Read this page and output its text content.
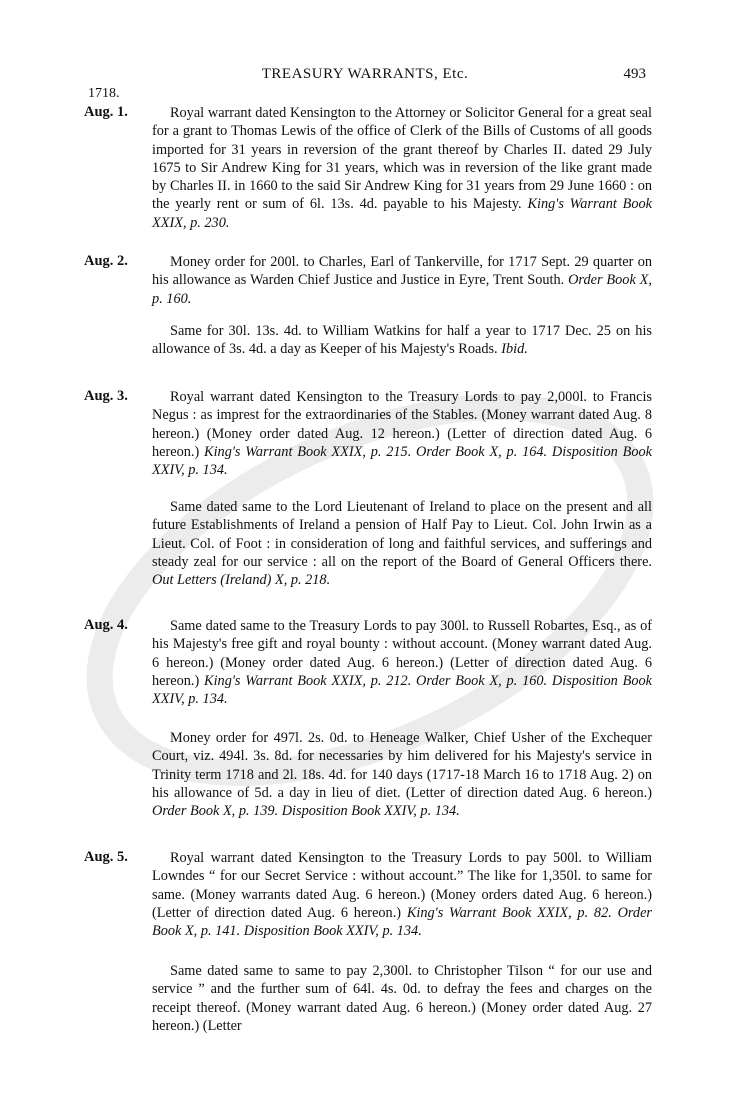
TREASURY WARRANTS, Etc.	493
1718.
Aug. 1.	Royal warrant dated Kensington to the Attorney or Solicitor General for a great seal for a grant to Thomas Lewis of the office of Clerk of the Bills of Customs of all goods imported for 31 years in reversion of the grant thereof by Charles II. dated 29 July 1675 to Sir Andrew King for 31 years, which was in reversion of the like grant made by Charles II. in 1660 to the said Sir Andrew King for 31 years from 29 June 1660 : on the yearly rent or sum of 6l. 13s. 4d. payable to his Majesty. King's Warrant Book XXIX, p. 230.
Aug. 2.	Money order for 200l. to Charles, Earl of Tankerville, for 1717 Sept. 29 quarter on his allowance as Warden Chief Justice and Justice in Eyre, Trent South. Order Book X, p. 160.
Same for 30l. 13s. 4d. to William Watkins for half a year to 1717 Dec. 25 on his allowance of 3s. 4d. a day as Keeper of his Majesty's Roads. Ibid.
Aug. 3.	Royal warrant dated Kensington to the Treasury Lords to pay 2,000l. to Francis Negus : as imprest for the extraordinaries of the Stables. (Money warrant dated Aug. 8 hereon.) (Money order dated Aug. 12 hereon.) (Letter of direction dated Aug. 6 hereon.) King's Warrant Book XXIX, p. 215. Order Book X, p. 164. Disposition Book XXIV, p. 134.
Same dated same to the Lord Lieutenant of Ireland to place on the present and all future Establishments of Ireland a pension of Half Pay to Lieut. Col. John Irwin as a Lieut. Col. of Foot : in consideration of long and faithful services, and sufferings and steady zeal for our service : all on the report of the Board of General Officers there. Out Letters (Ireland) X, p. 218.
Aug. 4.	Same dated same to the Treasury Lords to pay 300l. to Russell Robartes, Esq., as of his Majesty's free gift and royal bounty : without account. (Money warrant dated Aug. 6 hereon.) (Money order dated Aug. 6 hereon.) (Letter of direction dated Aug. 6 hereon.) King's Warrant Book XXIX, p. 212. Order Book X, p. 160. Disposition Book XXIV, p. 134.
Money order for 497l. 2s. 0d. to Heneage Walker, Chief Usher of the Exchequer Court, viz. 494l. 3s. 8d. for necessaries by him delivered for his Majesty's service in Trinity term 1718 and 2l. 18s. 4d. for 140 days (1717-18 March 16 to 1718 Aug. 2) on his allowance of 5d. a day in lieu of diet. (Letter of direction dated Aug. 6 hereon.) Order Book X, p. 139. Disposition Book XXIV, p. 134.
Aug. 5.	Royal warrant dated Kensington to the Treasury Lords to pay 500l. to William Lowndes “ for our Secret Service : without account.” The like for 1,350l. to same for same. (Money warrants dated Aug. 6 hereon.) (Money orders dated Aug. 6 hereon.) (Letter of direction dated Aug. 6 hereon.) King's Warrant Book XXIX, p. 82. Order Book X, p. 141. Disposition Book XXIV, p. 134.
Same dated same to same to pay 2,300l. to Christopher Tilson “ for our use and service ” and the further sum of 64l. 4s. 0d. to defray the fees and charges on the receipt thereof. (Money warrant dated Aug. 6 hereon.) (Money order dated Aug. 27 hereon.) (Letter
